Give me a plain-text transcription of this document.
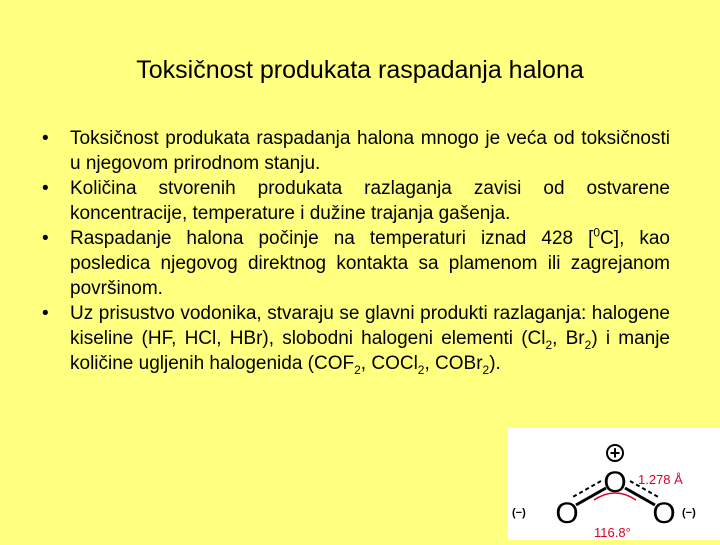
Toksičnost produkata raspadanja halona
• Toksičnost produkata raspadanja halona mnogo je veća od toksičnosti u njegovom prirodnom stanju.
• Količina stvorenih produkata razlaganja zavisi od ostvarene koncentracije, temperature i dužine trajanja gašenja.
• Raspadanje halona počinje na temperaturi iznad 428 [$^0$C], kao posledica njegovog direktnog kontakta sa plamenom ili zagrejanom površinom.
• Uz prisustvo vodonika, stvaraju se glavni produkti razlaganja: halogene kiseline (HF, HCl, HBr), slobodni halogeni elementi ($Cl_2$, $Br_2$) i manje količine ugljenih halogenida ($COF_2$, COCl$_2$, COBr$_2$).
+
O
O O
(−)	(−)
1.278 Å
116.8°
